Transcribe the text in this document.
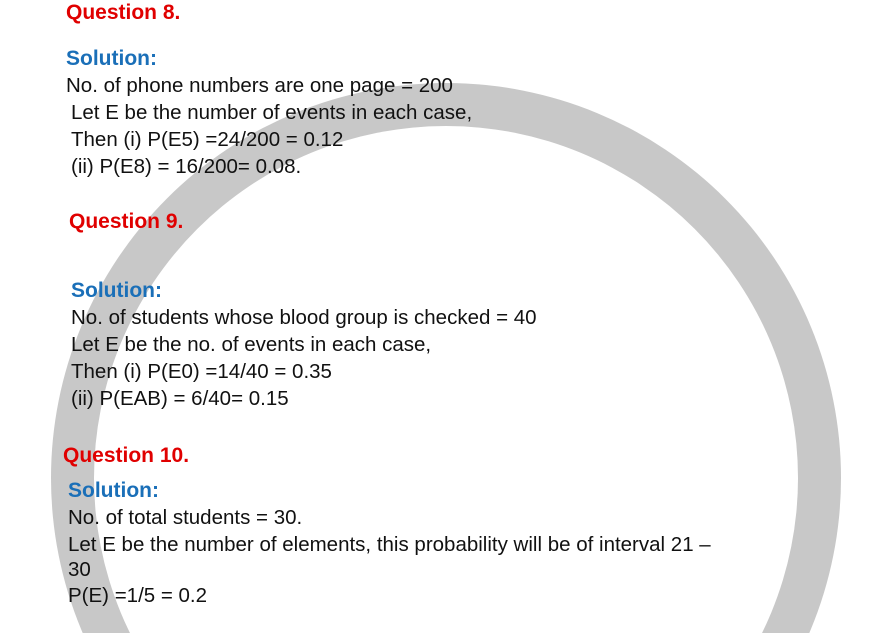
Question 8.
Solution:
No. of phone numbers are one page = 200
Let E be the number of events in each case,
Then (i) P(E5) =24/200 = 0.12
(ii) P(E8) = 16/200= 0.08.
Question 9.
Solution:
No. of students whose blood group is checked = 40
Let E be the no. of events in each case,
Then (i) P(E0) =14/40 = 0.35
(ii) P(EAB) = 6/40= 0.15
Question 10.
Solution:
No. of total students = 30.
Let E be the number of elements, this probability will be of interval 21 –
30
P(E) =1/5 = 0.2
